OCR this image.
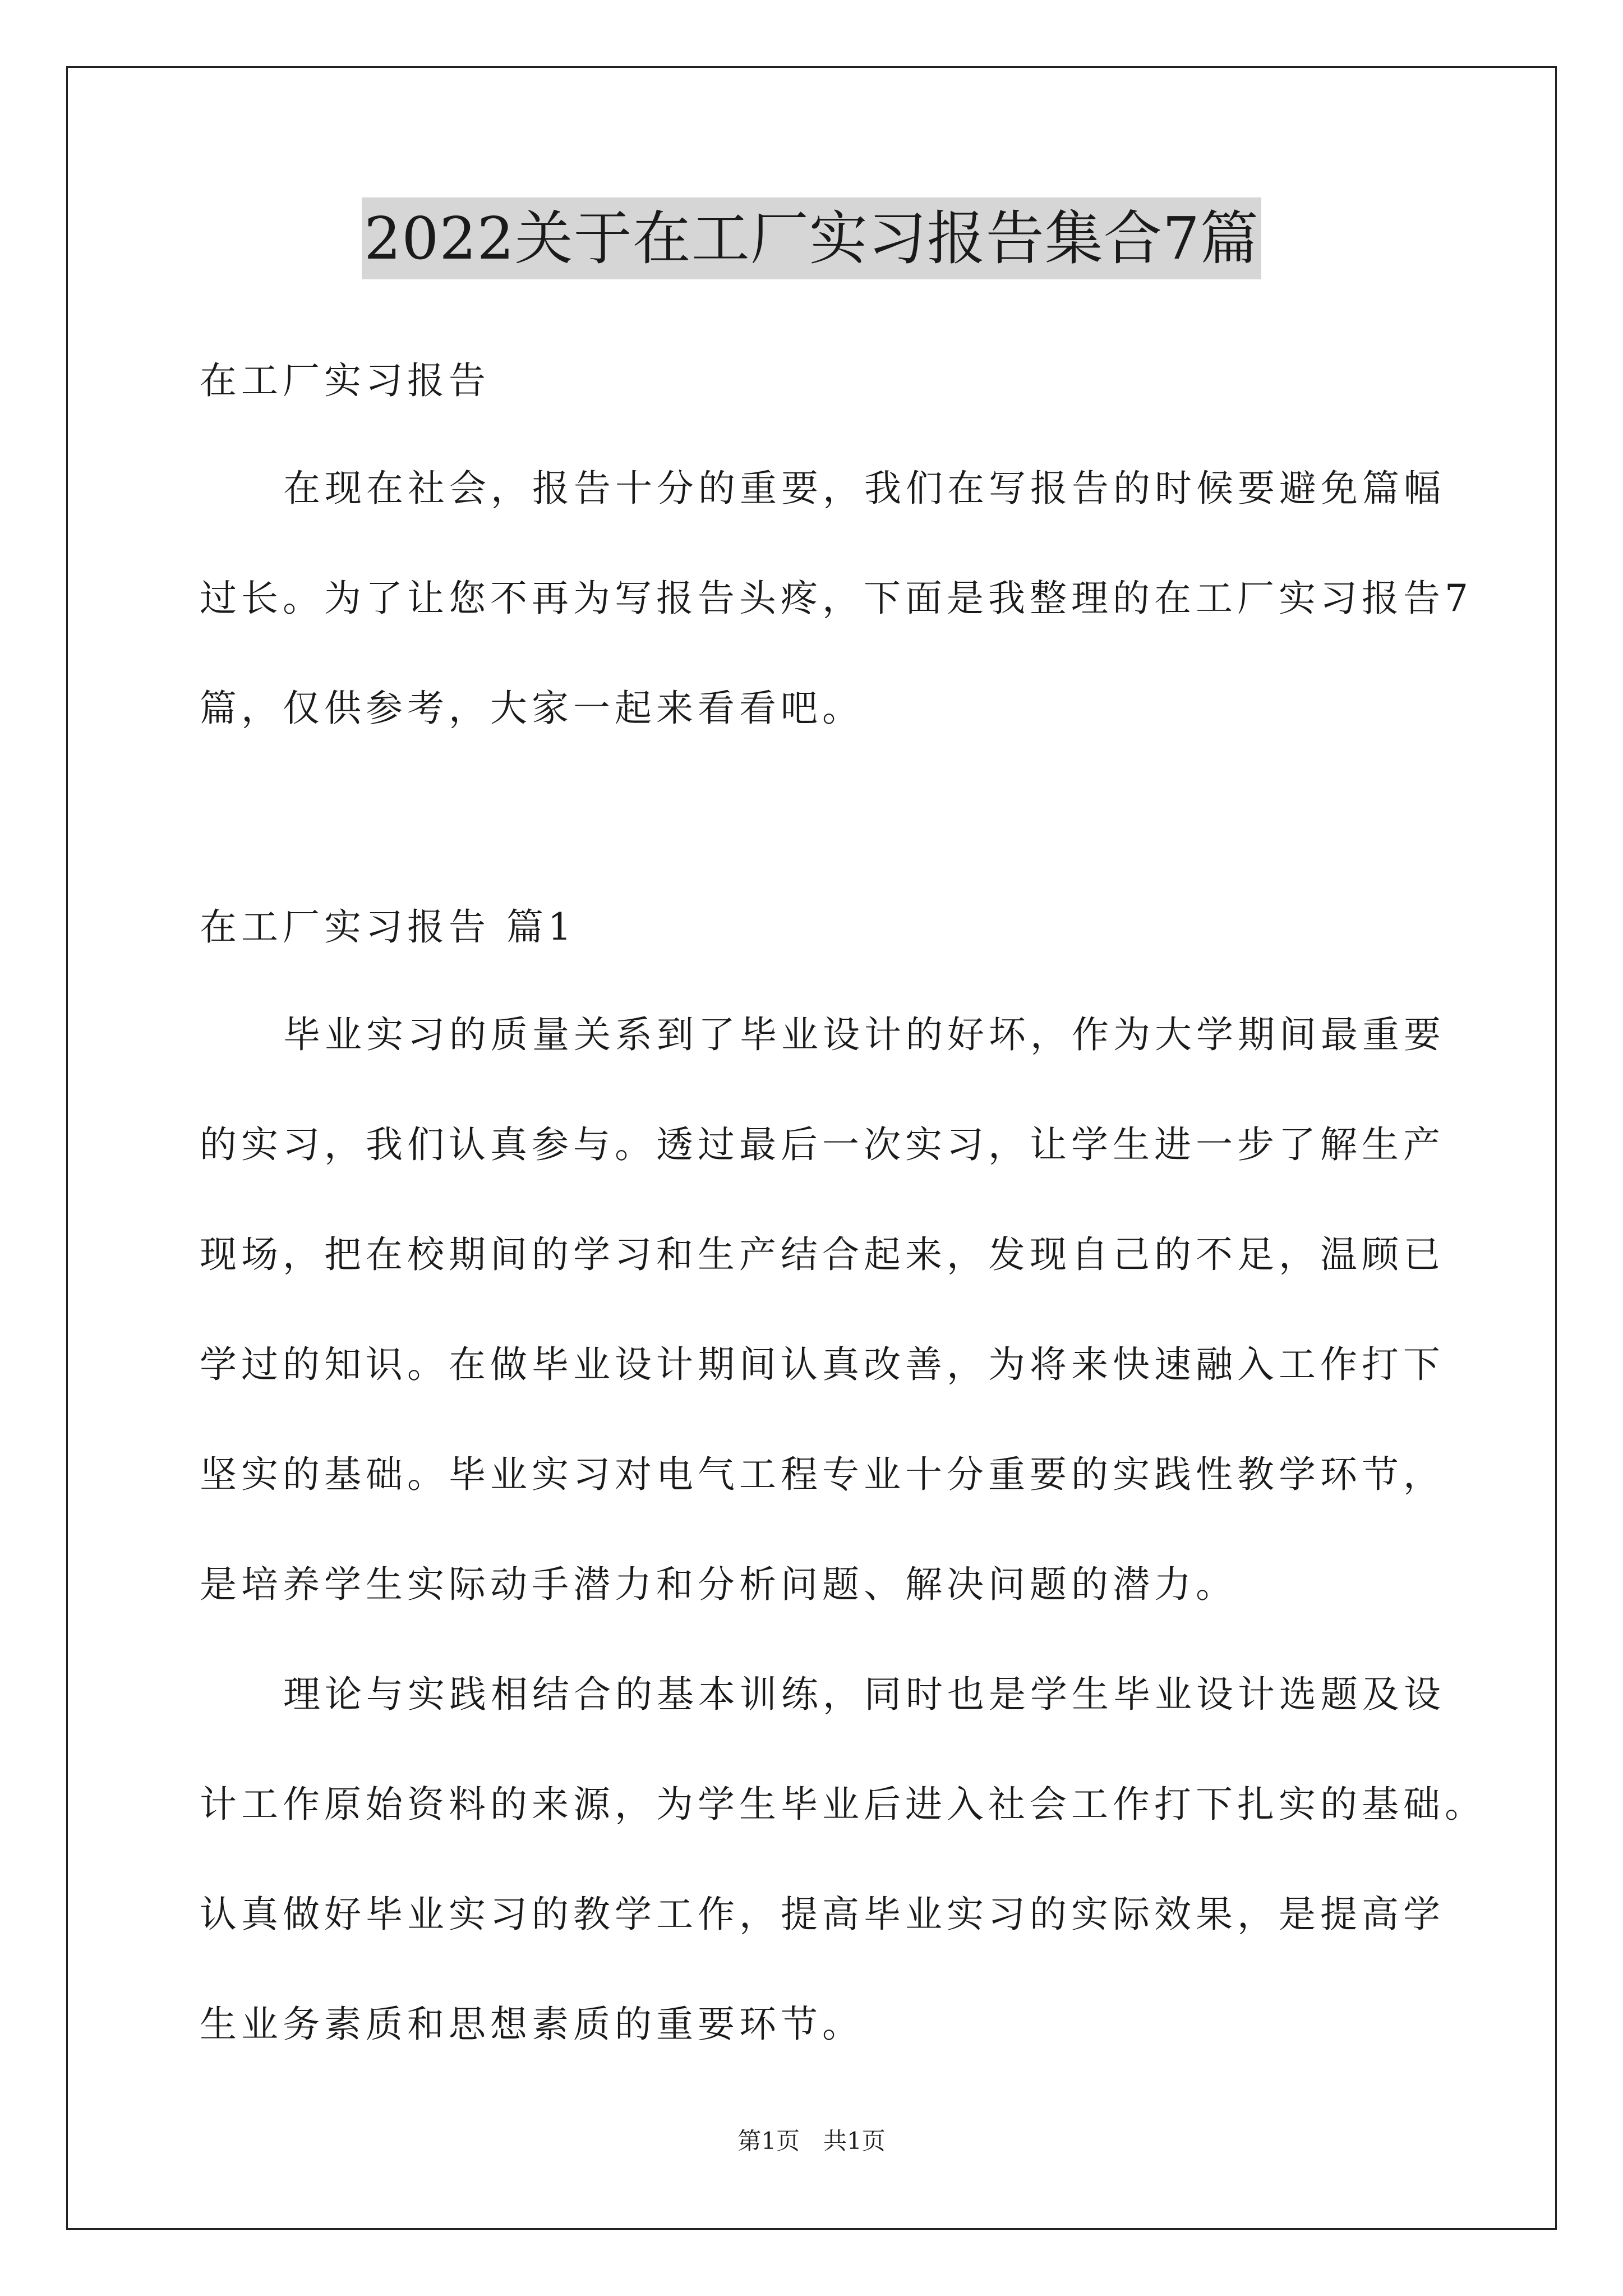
2022关于在工厂实习报告集合7篇
在工厂实习报告
在现在社会，报告十分的重要，我们在写报告的时候要避免篇幅
过长。为了让您不再为写报告头疼，下面是我整理的在工厂实习报告7
篇，仅供参考，大家一起来看看吧。
在工厂实习报告 篇1
毕业实习的质量关系到了毕业设计的好坏，作为大学期间最重要
的实习，我们认真参与。透过最后一次实习，让学生进一步了解生产
现场，把在校期间的学习和生产结合起来，发现自己的不足，温顾已
学过的知识。在做毕业设计期间认真改善，为将来快速融入工作打下
坚实的基础。毕业实习对电气工程专业十分重要的实践性教学环节，
是培养学生实际动手潜力和分析问题、解决问题的潜力。
理论与实践相结合的基本训练，同时也是学生毕业设计选题及设
计工作原始资料的来源，为学生毕业后进入社会工作打下扎实的基础。
认真做好毕业实习的教学工作，提高毕业实习的实际效果，是提高学
生业务素质和思想素质的重要环节。
第1页　共1页
